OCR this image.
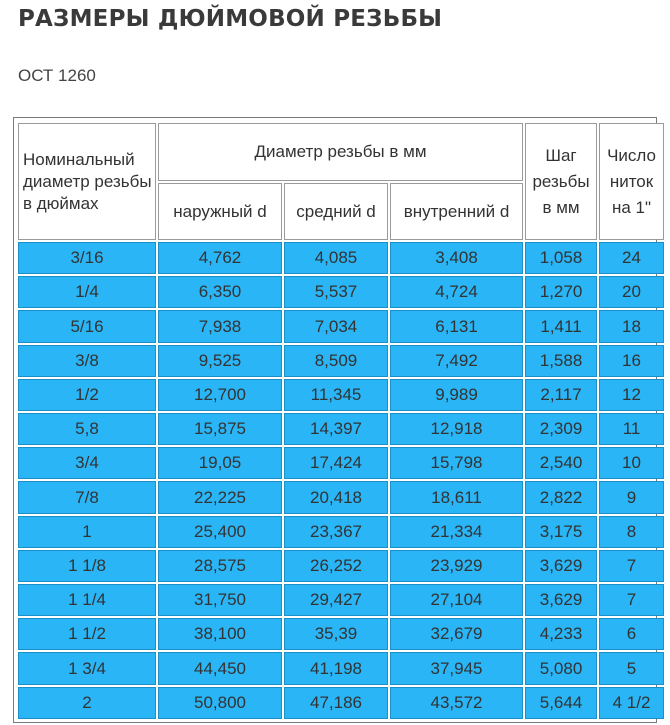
РАЗМЕРЫ ДЮЙМОВОЙ РЕЗЬБЫ
ОСТ 1260
Номинальный диаметр резьбы в дюймах	Диаметр резьбы в мм			Шаг резьбы в мм	Число ниток на 1"
	наружный d	средний d	внутренний d		
3/16	4,762	4,085	3,408	1,058	24
1/4	6,350	5,537	4,724	1,270	20
5/16	7,938	7,034	6,131	1,411	18
3/8	9,525	8,509	7,492	1,588	16
1/2	12,700	11,345	9,989	2,117	12
5,8	15,875	14,397	12,918	2,309	11
3/4	19,05	17,424	15,798	2,540	10
7/8	22,225	20,418	18,611	2,822	9
1	25,400	23,367	21,334	3,175	8
1 1/8	28,575	26,252	23,929	3,629	7
1 1/4	31,750	29,427	27,104	3,629	7
1 1/2	38,100	35,39	32,679	4,233	6
1 3/4	44,450	41,198	37,945	5,080	5
2	50,800	47,186	43,572	5,644	4 1/2
